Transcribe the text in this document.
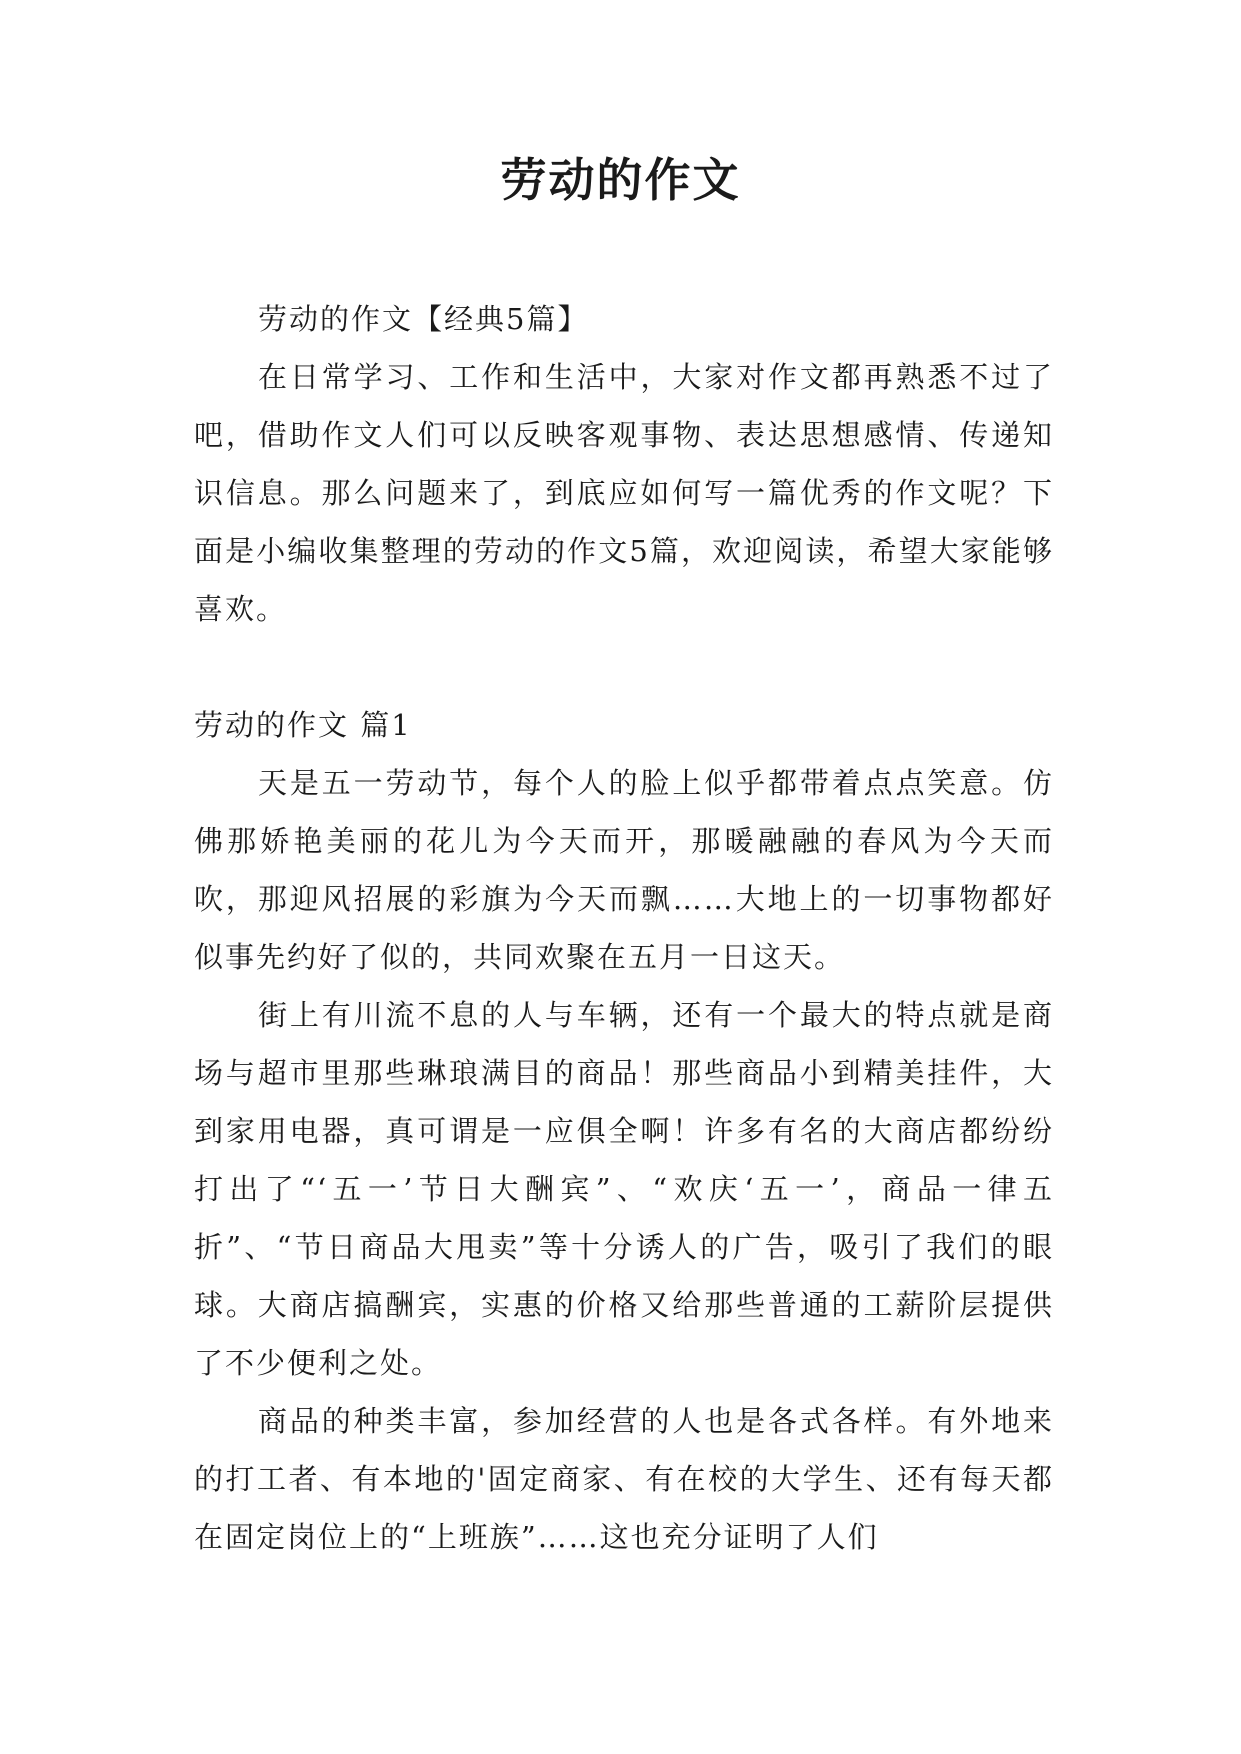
劳动的作文

劳动的作文【经典5篇】

在日常学习、工作和生活中，大家对作文都再熟悉不过了吧，借助作文人们可以反映客观事物、表达思想感情、传递知识信息。那么问题来了，到底应如何写一篇优秀的作文呢？下面是小编收集整理的劳动的作文5篇，欢迎阅读，希望大家能够喜欢。

劳动的作文 篇1

天是五一劳动节，每个人的脸上似乎都带着点点笑意。仿佛那娇艳美丽的花儿为今天而开，那暖融融的春风为今天而吹，那迎风招展的彩旗为今天而飘……大地上的一切事物都好似事先约好了似的，共同欢聚在五月一日这天。

街上有川流不息的人与车辆，还有一个最大的特点就是商场与超市里那些琳琅满目的商品！那些商品小到精美挂件，大到家用电器，真可谓是一应俱全啊！许多有名的大商店都纷纷打出了“‘五一’节日大酬宾”、“欢庆‘五一’，商品一律五折”、“节日商品大甩卖”等十分诱人的广告，吸引了我们的眼球。大商店搞酬宾，实惠的价格又给那些普通的工薪阶层提供了不少便利之处。

商品的种类丰富，参加经营的人也是各式各样。有外地来的打工者、有本地的'固定商家、有在校的大学生、还有每天都在固定岗位上的“上班族”……这也充分证明了人们
